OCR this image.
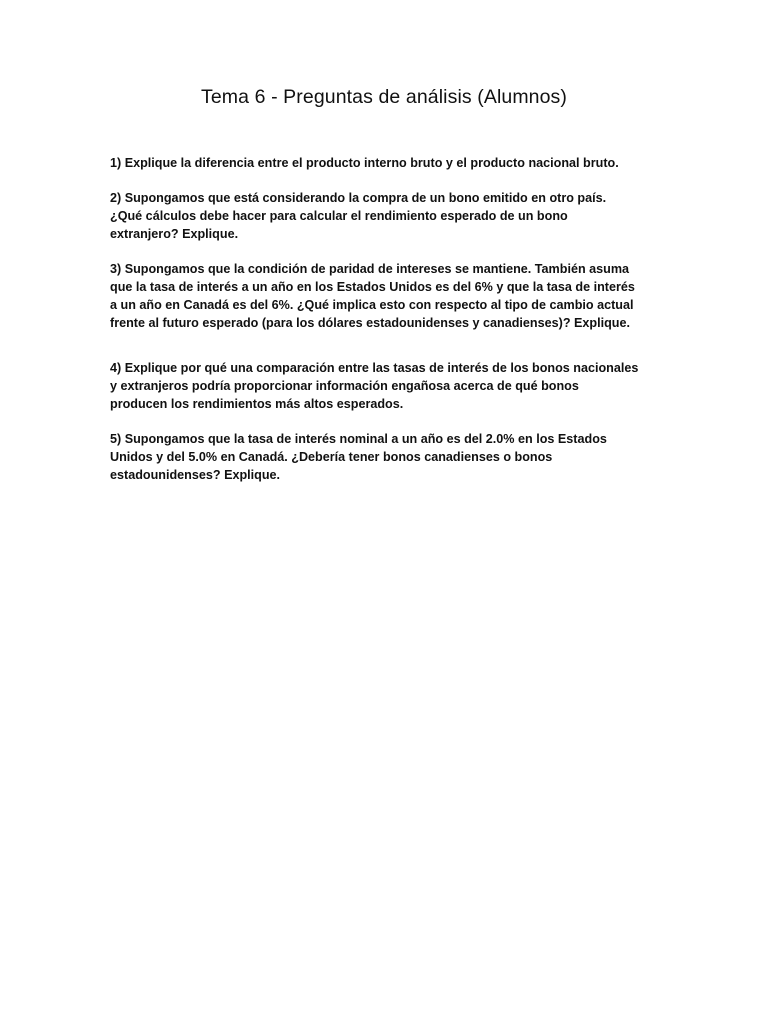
Tema 6 - Preguntas de análisis (Alumnos)

1) Explique la diferencia entre el producto interno bruto y el producto nacional bruto.

2) Supongamos que está considerando la compra de un bono emitido en otro país.
¿Qué cálculos debe hacer para calcular el rendimiento esperado de un bono
extranjero? Explique.

3) Supongamos que la condición de paridad de intereses se mantiene. También asuma
que la tasa de interés a un año en los Estados Unidos es del 6% y que la tasa de interés
a un año en Canadá es del 6%. ¿Qué implica esto con respecto al tipo de cambio actual
frente al futuro esperado (para los dólares estadounidenses y canadienses)? Explique.

4) Explique por qué una comparación entre las tasas de interés de los bonos nacionales
y extranjeros podría proporcionar información engañosa acerca de qué bonos
producen los rendimientos más altos esperados.

5) Supongamos que la tasa de interés nominal a un año es del 2.0% en los Estados
Unidos y del 5.0% en Canadá. ¿Debería tener bonos canadienses o bonos
estadounidenses? Explique.
